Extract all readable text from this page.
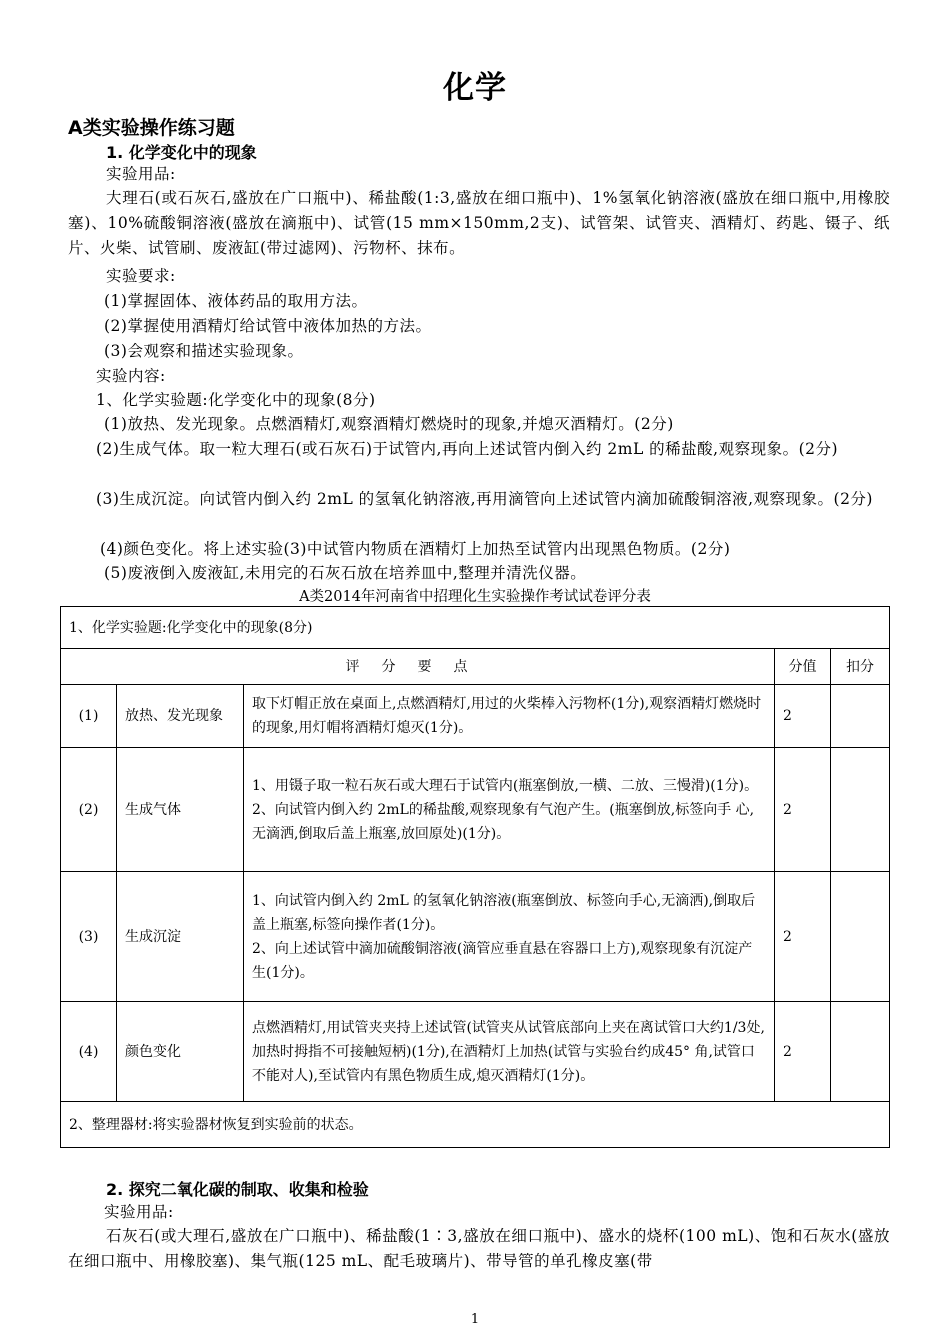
化学
A类实验操作练习题
1. 化学变化中的现象
实验用品:
大理石(或石灰石,盛放在广口瓶中)、稀盐酸(1:3,盛放在细口瓶中)、1%氢氧化钠溶液(盛放在细口瓶中,用橡胶塞)、10%硫酸铜溶液(盛放在滴瓶中)、试管(15 mm×150mm,2支)、试管架、试管夹、酒精灯、药匙、镊子、纸片、火柴、试管刷、废液缸(带过滤网)、污物杯、抹布。
实验要求:
(1)掌握固体、液体药品的取用方法。
(2)掌握使用酒精灯给试管中液体加热的方法。
(3)会观察和描述实验现象。
实验内容:
1、化学实验题:化学变化中的现象(8分)
(1)放热、发光现象。点燃酒精灯,观察酒精灯燃烧时的现象,并熄灭酒精灯。(2分)
(2)生成气体。取一粒大理石(或石灰石)于试管内,再向上述试管内倒入约 2mL 的稀盐酸,观察现象。(2分)
(3)生成沉淀。向试管内倒入约 2mL 的氢氧化钠溶液,再用滴管向上述试管内滴加硫酸铜溶液,观察现象。(2分)
(4)颜色变化。将上述实验(3)中试管内物质在酒精灯上加热至试管内出现黑色物质。(2分)
(5)废液倒入废液缸,未用完的石灰石放在培养皿中,整理并清洗仪器。
A类2014年河南省中招理化生实验操作考试试卷评分表
1、化学实验题:化学变化中的现象(8分)				
评分要点			分值	扣分
(1)	放热、发光现象	取下灯帽正放在桌面上,点燃酒精灯,用过的火柴棒入污物杯(1分),观察酒精灯燃烧时的现象,用灯帽将酒精灯熄灭(1分)。	2	
(2)	生成气体	1、用镊子取一粒石灰石或大理石于试管内(瓶塞倒放,一横、二放、三慢滑)(1分)。
2、向试管内倒入约 2mL的稀盐酸,观察现象有气泡产生。(瓶塞倒放,标签向手 心,无滴洒,倒取后盖上瓶塞,放回原处)(1分)。	2	
(3)	生成沉淀	1、向试管内倒入约 2mL 的氢氧化钠溶液(瓶塞倒放、标签向手心,无滴洒),倒取后盖上瓶塞,标签向操作者(1分)。
2、向上述试管中滴加硫酸铜溶液(滴管应垂直悬在容器口上方),观察现象有沉淀产生(1分)。	2	
(4)	颜色变化	点燃酒精灯,用试管夹夹持上述试管(试管夹从试管底部向上夹在离试管口大约1/3处,加热时拇指不可接触短柄)(1分),在酒精灯上加热(试管与实验台约成45° 角,试管口不能对人),至试管内有黑色物质生成,熄灭酒精灯(1分)。	2	
2、整理器材:将实验器材恢复到实验前的状态。				
2. 探究二氧化碳的制取、收集和检验
实验用品:
石灰石(或大理石,盛放在广口瓶中)、稀盐酸(1∶3,盛放在细口瓶中)、盛水的烧杯(100 mL)、饱和石灰水(盛放在细口瓶中、用橡胶塞)、集气瓶(125 mL、配毛玻璃片)、带导管的单孔橡皮塞(带
1
